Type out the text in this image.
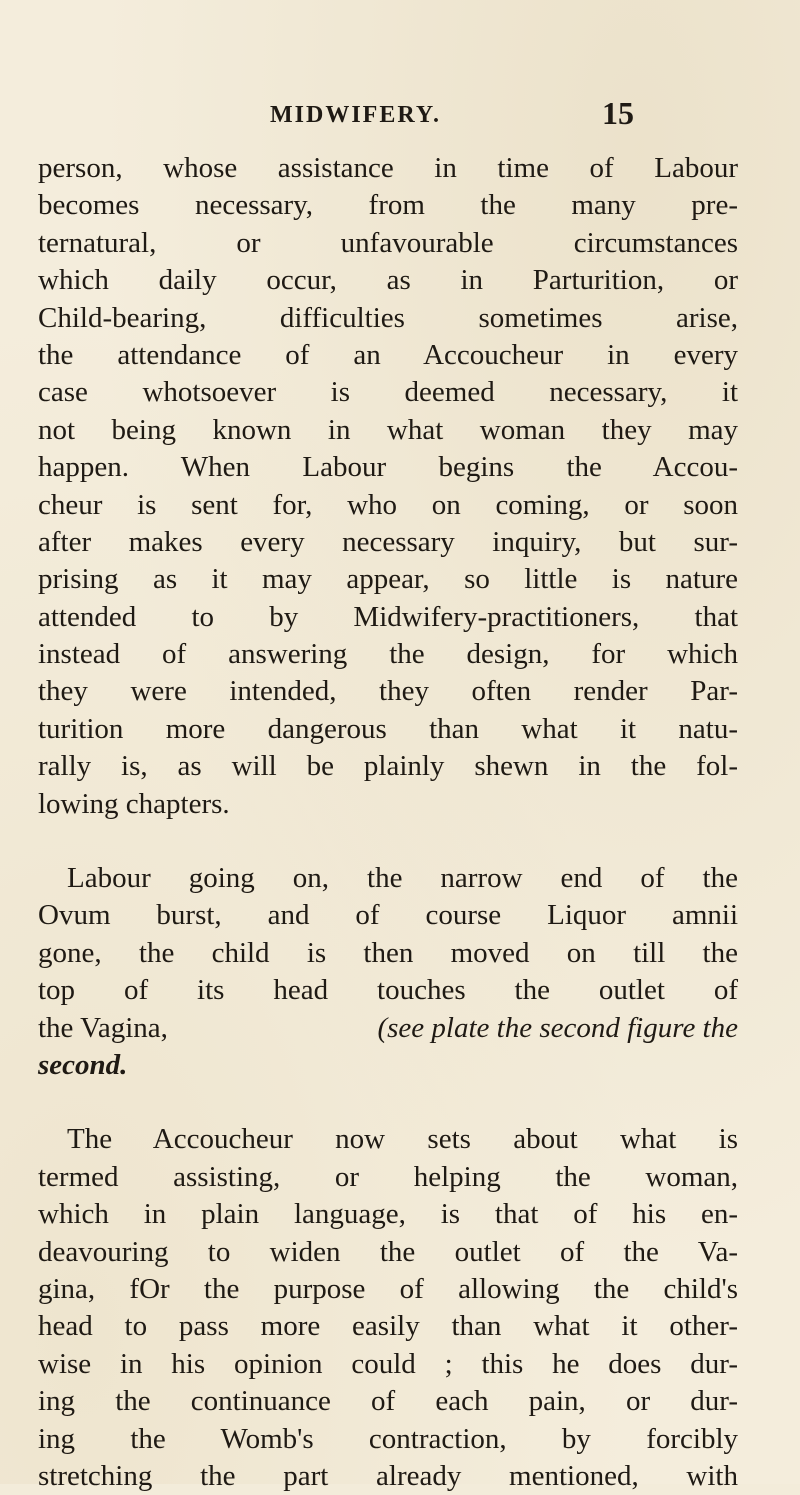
MIDWIFERY.	15
person, whose assistance in time of Labour
becomes necessary, from the many pre-
ternatural, or unfavourable circumstances
which daily occur, as in Parturition, or
Child-bearing, difficulties sometimes arise,
the attendance of an Accoucheur in every
case whotsoever is deemed necessary, it
not being known in what woman they may
happen. When Labour begins the Accou-
cheur is sent for, who on coming, or soon
after makes every necessary inquiry, but sur-
prising as it may appear, so little is nature
attended to by Midwifery-practitioners, that
instead of answering the design, for which
they were intended, they often render Par-
turition more dangerous than what it natu-
rally is, as will be plainly shewn in the fol-
lowing chapters.
Labour going on, the narrow end of the
Ovum burst, and of course Liquor amnii
gone, the child is then moved on till the
top of its head touches the outlet of
the Vagina,	(see plate the second figure the
second.
The Accoucheur now sets about what is
termed assisting, or helping the woman,
which in plain language, is that of his en-
deavouring to widen the outlet of the Va-
gina, fOr the purpose of allowing the child's
head to pass more easily than what it other-
wise in his opinion could ; this he does dur-
ing the continuance of each pain, or dur-
ing the Womb's contraction, by forcibly
stretching the part already mentioned, with
